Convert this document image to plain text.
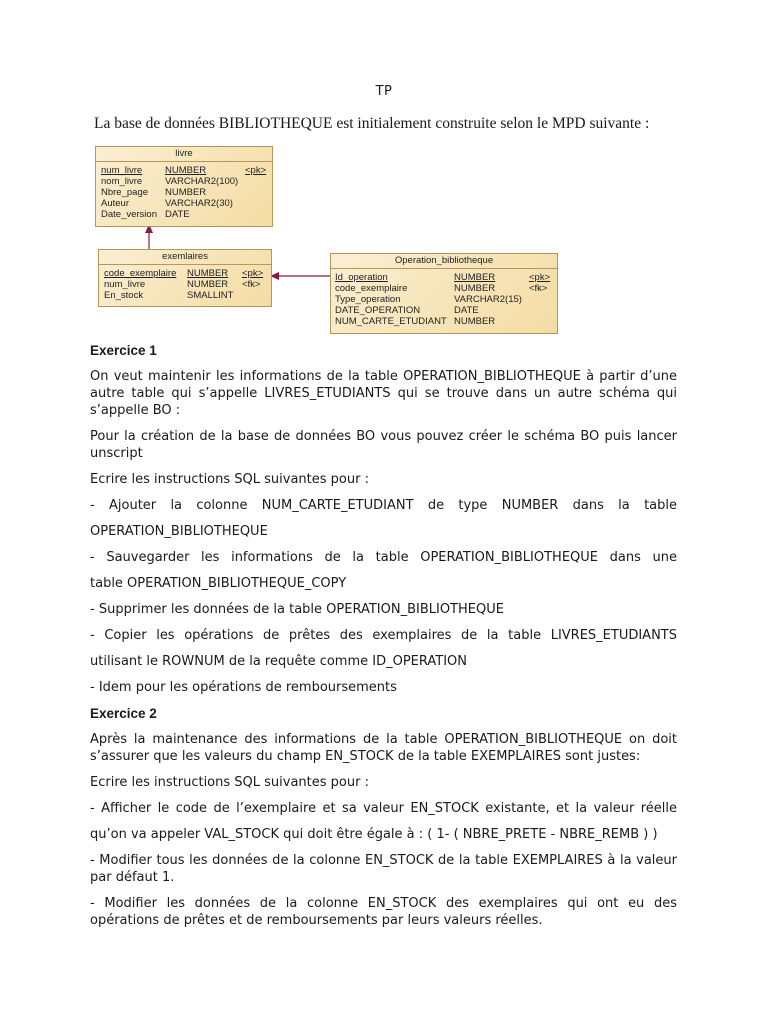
TP
La base de données BIBLIOTHEQUE est initialement construite selon le MPD suivante :
livre
num_livre NUMBER	<pk>
nom_livre VARCHAR2(100)
Nbre_page NUMBER
Auteur	VARCHAR2(30)
Date_version DATE
exemlaires
code_exemplaire NUMBER <pk>
num_livre	NUMBER <fk>
En_stock	SMALLINT
Operation_bibliotheque
Id_operation	NUMBER	<pk>
code_exemplaire	NUMBER	<fk>
Type_operation	VARCHAR2(15)
DATE_OPERATION	DATE
NUM_CARTE_ETUDIANT NUMBER
Exercice 1

On veut maintenir les informations de la table OPERATION_BIBLIOTHEQUE à partir d’une autre table qui s’appelle LIVRES_ETUDIANTS qui se trouve dans un autre schéma qui s’appelle BO :

Pour la création de la base de données BO vous pouvez créer le schéma BO puis lancer unscript

Ecrire les instructions SQL suivantes pour :

- Ajouter la colonne NUM_CARTE_ETUDIANT de type NUMBER dans la table

OPERATION_BIBLIOTHEQUE

- Sauvegarder les informations de la table OPERATION_BIBLIOTHEQUE dans une

table OPERATION_BIBLIOTHEQUE_COPY

- Supprimer les données de la table OPERATION_BIBLIOTHEQUE

- Copier les opérations de prêtes des exemplaires de la table LIVRES_ETUDIANTS

utilisant le ROWNUM de la requête comme ID_OPERATION

- Idem pour les opérations de remboursements

Exercice 2

Après la maintenance des informations de la table OPERATION_BIBLIOTHEQUE on doit s’assurer que les valeurs du champ EN_STOCK de la table EXEMPLAIRES sont justes:

Ecrire les instructions SQL suivantes pour :

- Afficher le code de l’exemplaire et sa valeur EN_STOCK existante, et la valeur réelle

qu’on va appeler VAL_STOCK qui doit être égale à : ( 1- ( NBRE_PRETE - NBRE_REMB ) )

- Modifier tous les données de la colonne EN_STOCK de la table EXEMPLAIRES à la valeur par défaut 1.

- Modifier les données de la colonne EN_STOCK des exemplaires qui ont eu des opérations de prêtes et de remboursements par leurs valeurs réelles.
